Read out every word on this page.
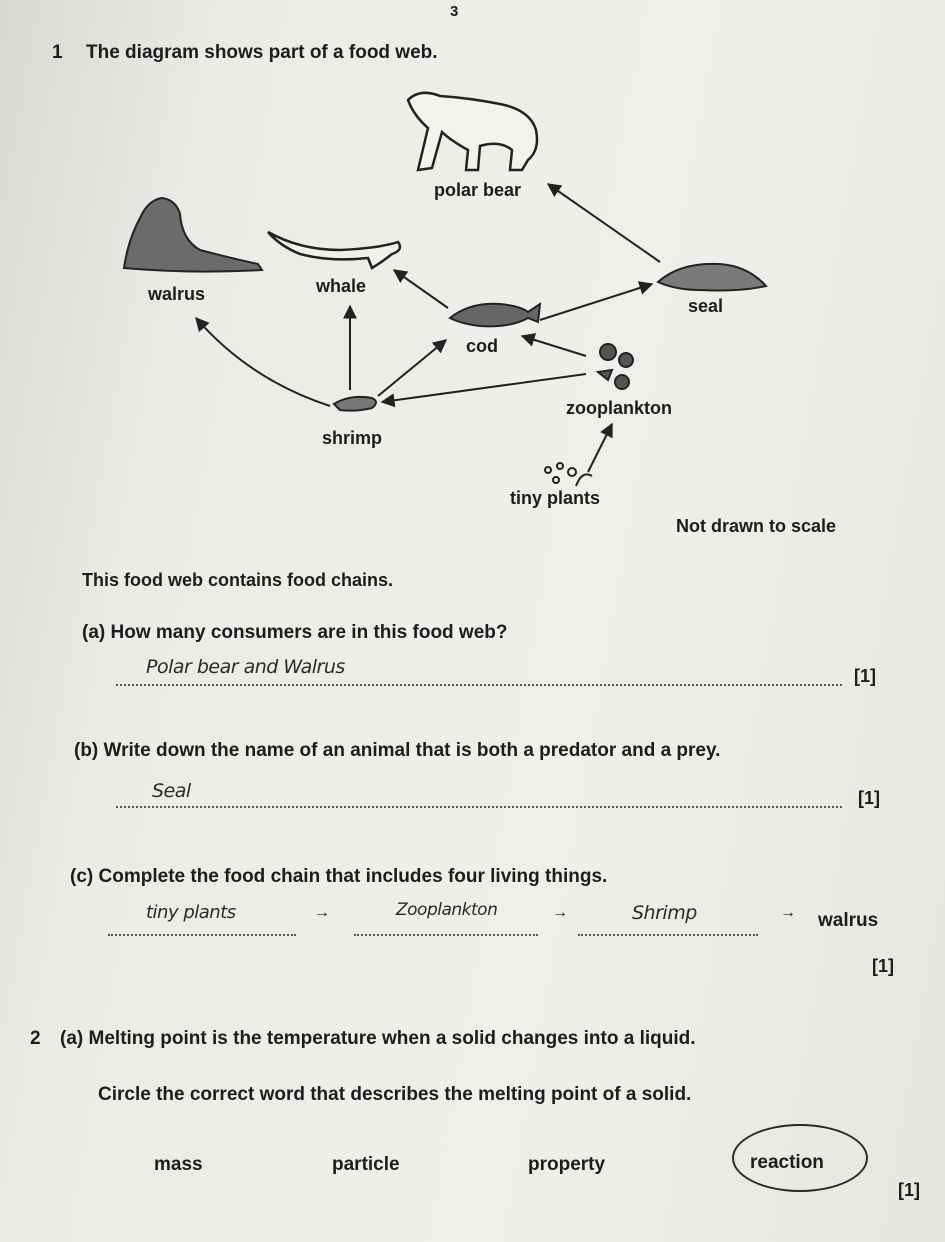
3
1 The diagram shows part of a food web.
polar bear
walrus	whale
seal
cod
zooplankton
shrimp
tiny plants
Not drawn to scale
This food web contains food chains.
(a) How many consumers are in this food web?
Polar bear and Walrus	[1]
(b) Write down the name of an animal that is both a predator and a prey.
Seal	[1]
(c) Complete the food chain that includes four living things.
tiny plants	→	Zooplankton	→	Shrimp	→ walrus
[1]
2 (a) Melting point is the temperature when a solid changes into a liquid.
Circle the correct word that describes the melting point of a solid.
mass	particle	property	reaction
[1]
